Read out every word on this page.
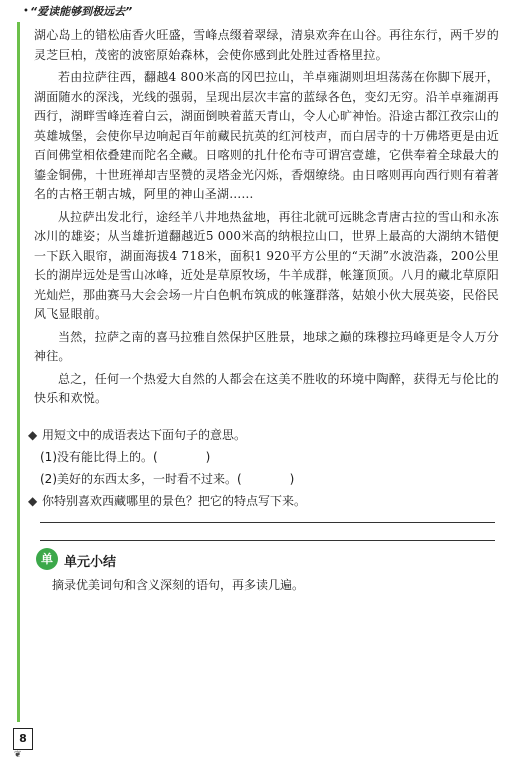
• “爱读能够到极远去”

湖心岛上的错松庙香火旺盛，雪峰点缀着翠绿，清泉欢奔在山谷。再往东行，两千岁的灵芝巨柏，茂密的波密原始森林，会使你感到此处胜过香格里拉。

若由拉萨往西，翻越4 800米高的冈巴拉山，羊卓雍湖则坦坦荡荡在你脚下展开，湖面随水的深浅，光线的强弱，呈现出层次丰富的蓝绿各色，变幻无穷。沿羊卓雍湖再西行，湖畔雪峰连着白云，湖面倒映着蓝天青山，令人心旷神怡。沿途古都江孜宗山的英雄城堡，会使你早边响起百年前藏民抗英的红河枝声，而白居寺的十万佛塔更是由近百间佛堂相依叠建而陀名全藏。日喀则的扎什伦布寺可谓宫壹雄，它供奉着全球最大的鎏金铜佛，十世班禅却吉坚赞的灵塔金光闪烁，香烟缭绕。由日喀则再向西行则有着著名的古格王朝古城，阿里的神山圣湖……

从拉萨出发北行，途经羊八井地热盆地，再往北就可远眺念青唐古拉的雪山和永冻冰川的雄姿；从当雄折道翻越近5 000米高的纳根拉山口，世界上最高的大湖纳木错便一下跃入眼帘，湖面海拔4 718米，面积1 920平方公里的“天湖”水波浩淼，200公里长的湖岸远处是雪山冰峰，近处是草原牧场，牛羊成群，帐篷顶顶。八月的藏北草原阳光灿烂，那曲赛马大会会场一片白色帆布筑成的帐篷群落，姑娘小伙大展英姿，民俗民风飞显眼前。

当然，拉萨之南的喜马拉雅自然保护区胜景，地球之巅的珠穆拉玛峰更是令人万分神往。

总之，任何一个热爱大自然的人都会在这美不胜收的环境中陶醉，获得无与伦比的快乐和欢悦。

◆ 用短文中的成语表达下面句子的意思。
(1)没有能比得上的。(　　　　)
(2)美好的东西太多，一时看不过来。(　　　　)
◆ 你特别喜欢西藏哪里的景色？把它的特点写下来。
单 单元小结
摘录优美词句和含义深刻的语句，再多读几遍。
8
❦
